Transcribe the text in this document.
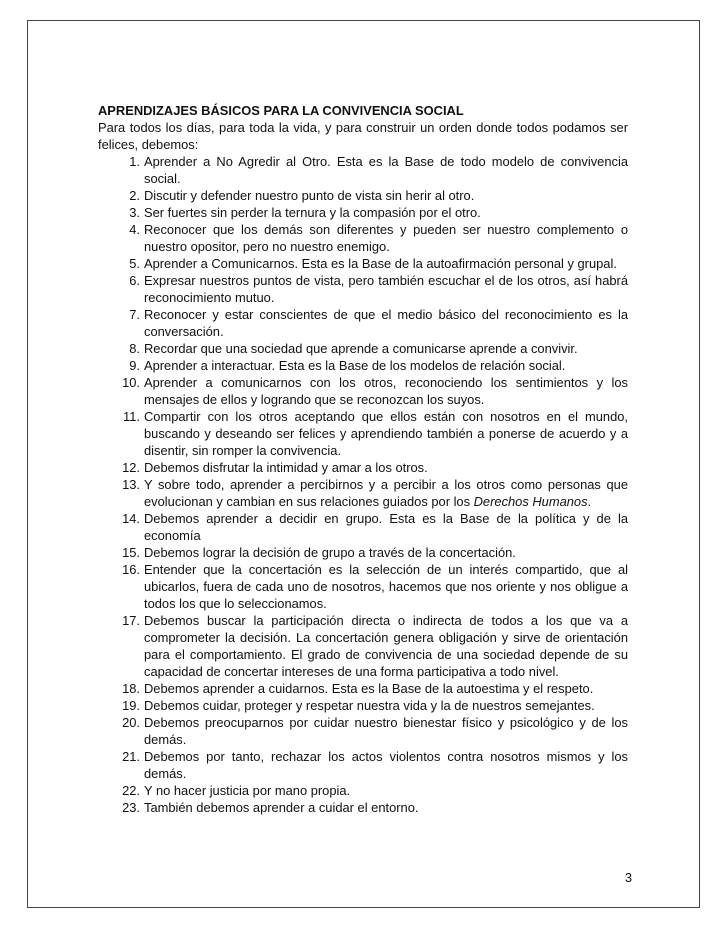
APRENDIZAJES BÁSICOS PARA LA CONVIVENCIA SOCIAL

Para todos los días, para toda la vida, y para construir un orden donde todos podamos ser felices, debemos:

1. Aprender a No Agredir al Otro. Esta es la Base de todo modelo de convivencia social.
2. Discutir y defender nuestro punto de vista sin herir al otro.
3. Ser fuertes sin perder la ternura y la compasión por el otro.
4. Reconocer que los demás son diferentes y pueden ser nuestro complemento o nuestro opositor, pero no nuestro enemigo.
5. Aprender a Comunicarnos. Esta es la Base de la autoafirmación personal y grupal.
6. Expresar nuestros puntos de vista, pero también escuchar el de los otros, así habrá reconocimiento mutuo.
7. Reconocer y estar conscientes de que el medio básico del reconocimiento es la conversación.
8. Recordar que una sociedad que aprende a comunicarse aprende a convivir.
9. Aprender a interactuar. Esta es la Base de los modelos de relación social.
10. Aprender a comunicarnos con los otros, reconociendo los sentimientos y los mensajes de ellos y logrando que se reconozcan los suyos.
11. Compartir con los otros aceptando que ellos están con nosotros en el mundo, buscando y deseando ser felices y aprendiendo también a ponerse de acuerdo y a disentir, sin romper la convivencia.
12. Debemos disfrutar la intimidad y amar a los otros.
13. Y sobre todo, aprender a percibirnos y a percibir a los otros como personas que evolucionan y cambian en sus relaciones guiados por los Derechos Humanos.
14. Debemos aprender a decidir en grupo. Esta es la Base de la política y de la economía
15. Debemos lograr la decisión de grupo a través de la concertación.
16. Entender que la concertación es la selección de un interés compartido, que al ubicarlos, fuera de cada uno de nosotros, hacemos que nos oriente y nos obligue a todos los que lo seleccionamos.
17. Debemos buscar la participación directa o indirecta de todos a los que va a comprometer la decisión. La concertación genera obligación y sirve de orientación para el comportamiento. El grado de convivencia de una sociedad depende de su capacidad de concertar intereses de una forma participativa a todo nivel.
18. Debemos aprender a cuidarnos. Esta es la Base de la autoestima y el respeto.
19. Debemos cuidar, proteger y respetar nuestra vida y la de nuestros semejantes.
20. Debemos preocuparnos por cuidar nuestro bienestar físico y psicológico y de los demás.
21. Debemos por tanto, rechazar los actos violentos contra nosotros mismos y los demás.
22. Y no hacer justicia por mano propia.
23. También debemos aprender a cuidar el entorno.
3
